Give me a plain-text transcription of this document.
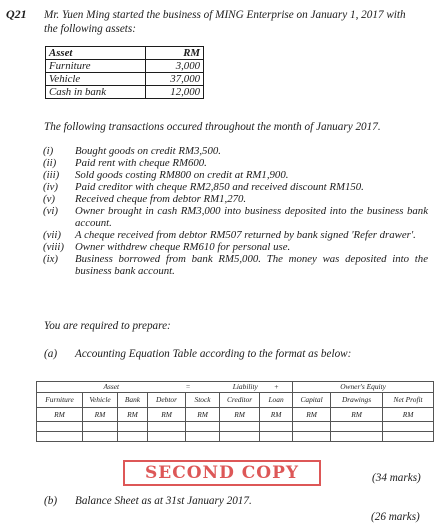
Q21 Mr. Yuen Ming started the business of MING Enterprise on January 1, 2017 with
the following assets:
Asset	RM
Furniture	3,000
Vehicle	37,000
Cash in bank	12,000
The following transactions occured throughout the month of January 2017.
(i)	Bought goods on credit RM3,500.
(ii)	Paid rent with cheque RM600.
(iii)	Sold goods costing RM800 on credit at RM1,900.
(iv)	Paid creditor with cheque RM2,850 and received discount RM150.
(v)	Received cheque from debtor RM1,270.
(vi)	Owner brought in cash RM3,000 into business deposited into the business bank account.
(vii)	A cheque received from debtor RM507 returned by bank signed 'Refer drawer'.
(viii)	Owner withdrew cheque RM610 for personal use.
(ix)	Business borrowed from bank RM5,000. The money was deposited into the business bank account.
You are required to prepare:
(a) Accounting Equation Table according to the format as below:
Asset				=	Liability +		Owner's Equity		
Furniture	Vehicle	Bank	Debtor	Stock	Creditor	Loan	Capital	Drawings	Net Profit
RM	RM	RM	RM	RM	RM	RM	RM	RM	RM

SECOND COPY	(34 marks)
(b) Balance Sheet as at 31st January 2017.
(26 marks)
